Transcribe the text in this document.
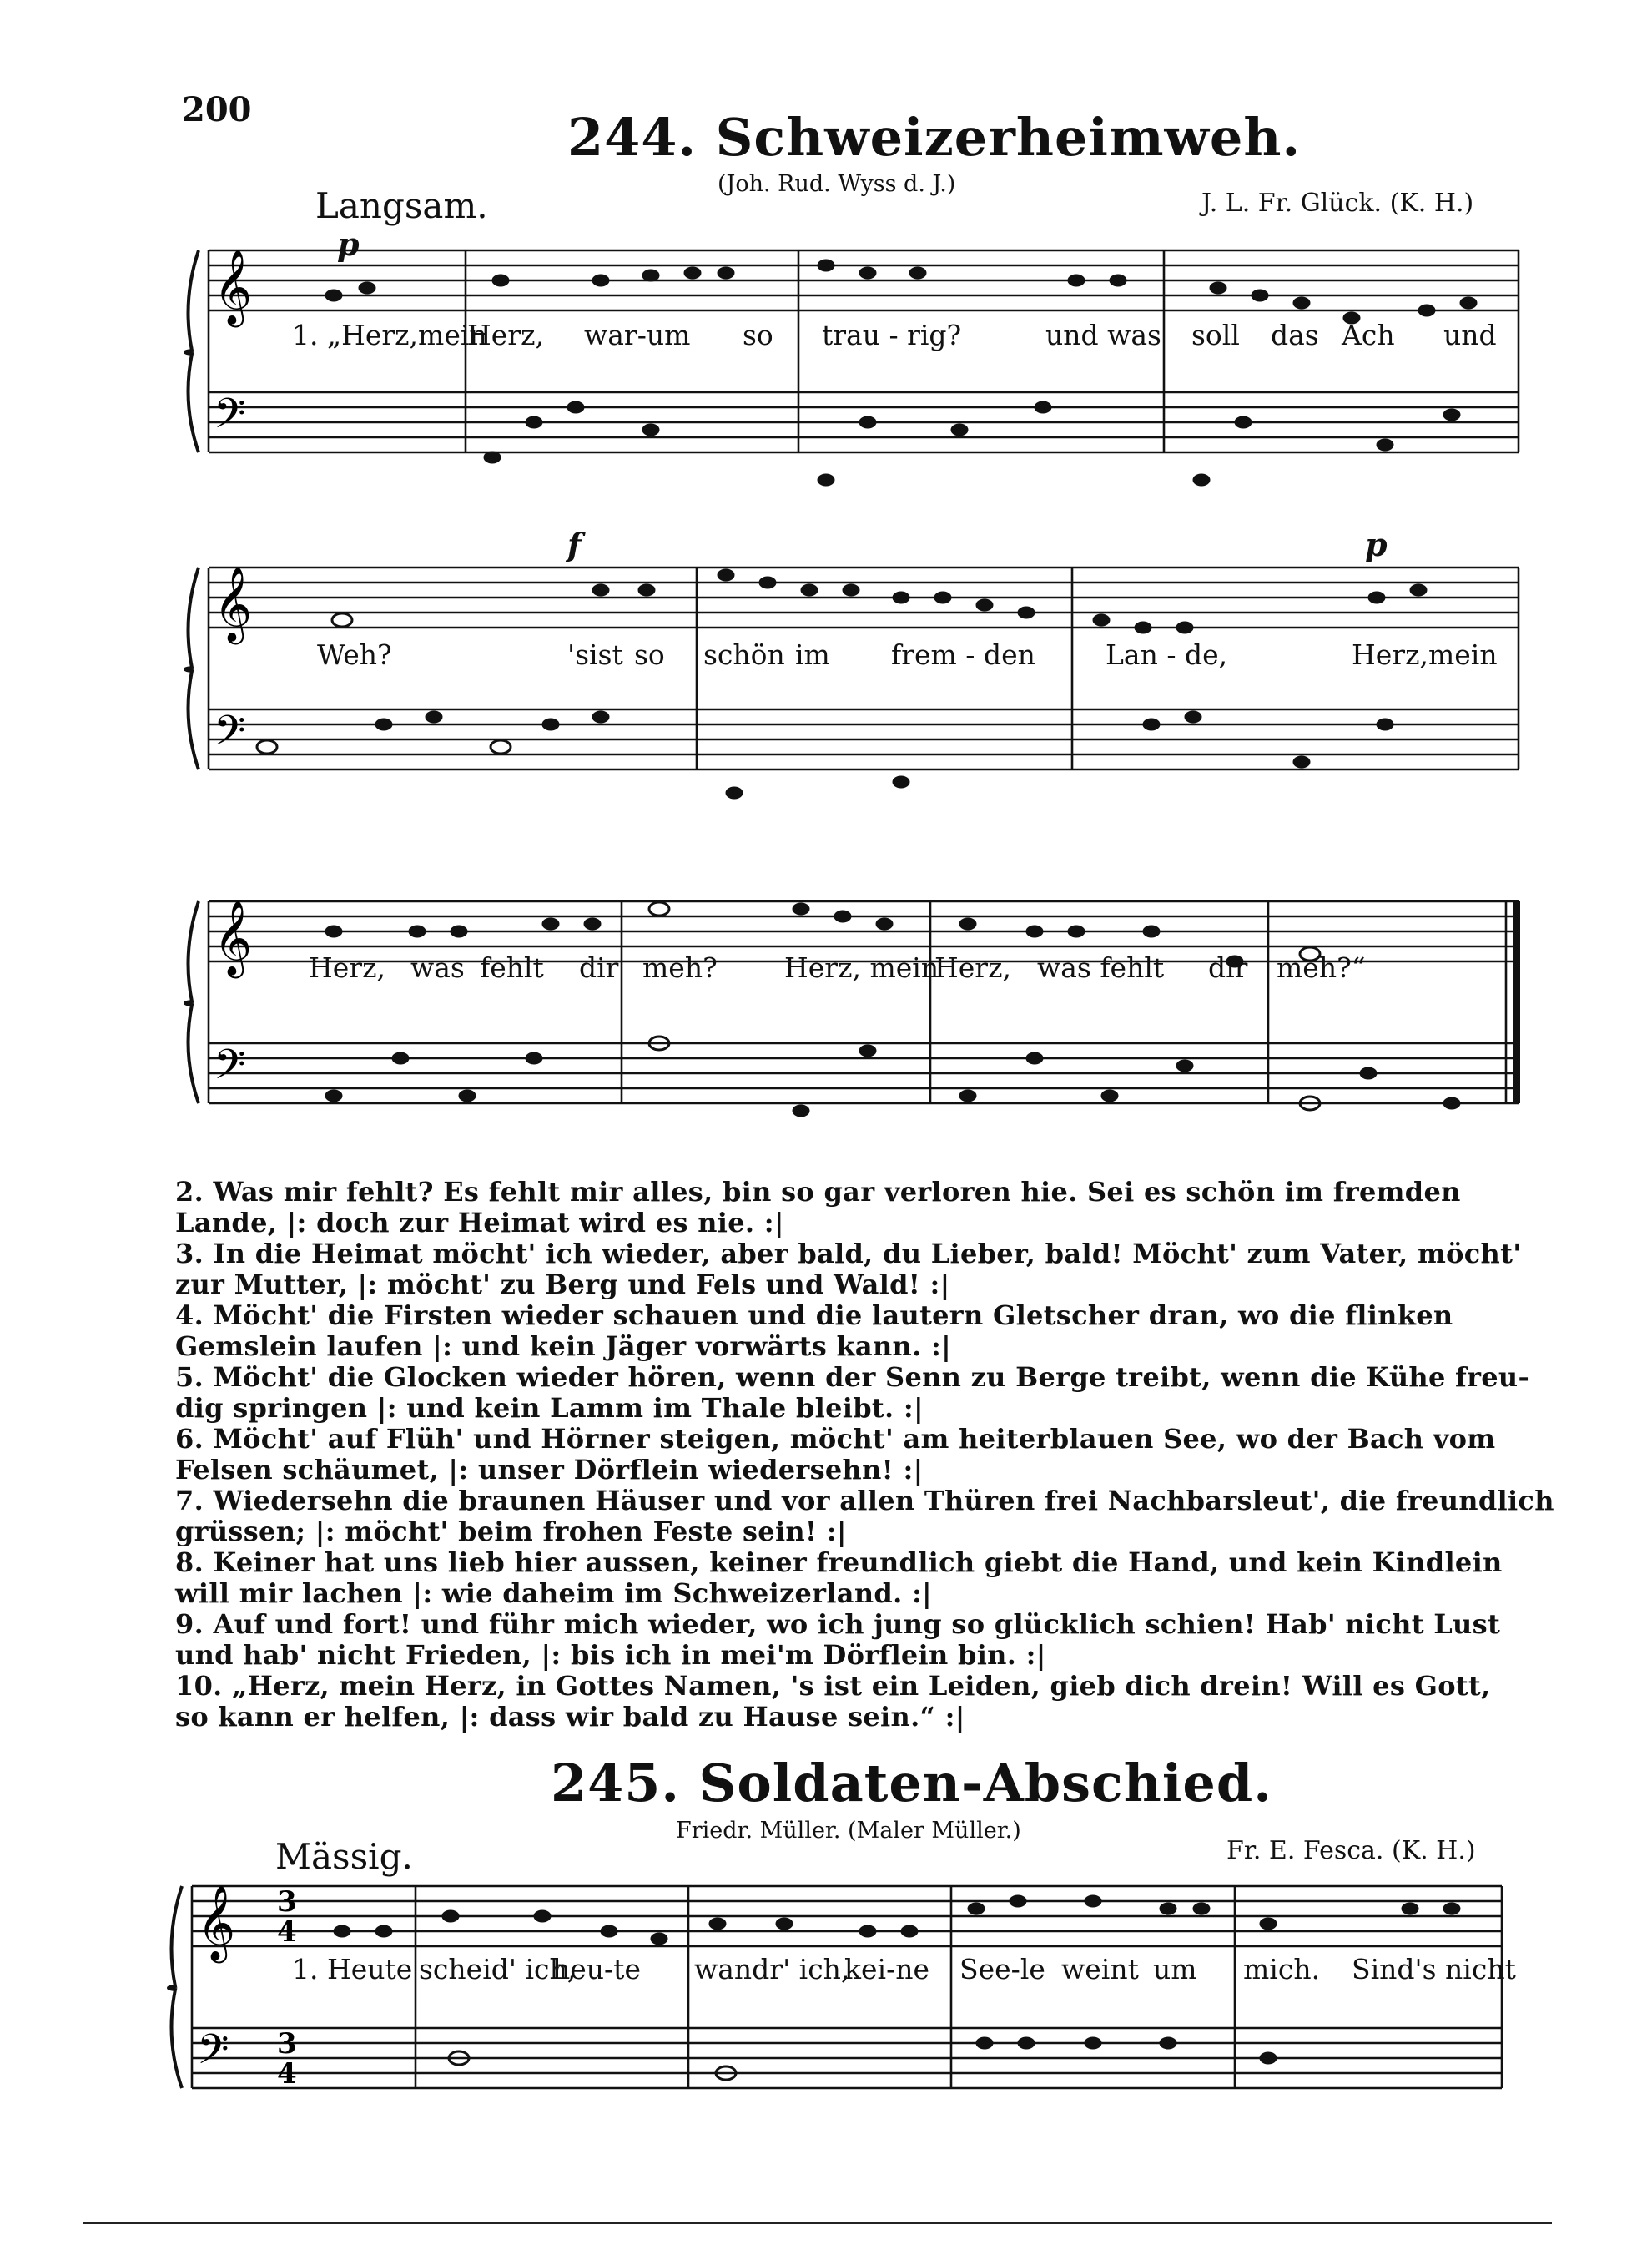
200	244. Schweizerheimweh.
(Joh. Rud. Wyss d. J.)
Langsam.	J. L. Fr. Glück. (K. H.)
p
f	p
𝄞
𝄢
1. „Herz,mein
Herz, war-um so trau - rig?	und was soll das Ach und
𝄞
𝄢
Weh?	'sist so schön im frem - den	Lan - de,	Herz,mein
𝄞
𝄢
Herz, was fehlt dir meh? Herz, mein
Herz, was fehlt dir meh?“

2. Was mir fehlt? Es fehlt mir alles, bin so gar verloren hie. Sei es schön im fremden

Lande, |: doch zur Heimat wird es nie. :|

3. In die Heimat möcht' ich wieder, aber bald, du Lieber, bald! Möcht' zum Vater, möcht'

zur Mutter, |: möcht' zu Berg und Fels und Wald! :|

4. Möcht' die Firsten wieder schauen und die lautern Gletscher dran, wo die flinken

Gemslein laufen |: und kein Jäger vorwärts kann. :|

5. Möcht' die Glocken wieder hören, wenn der Senn zu Berge treibt, wenn die Kühe freu-

dig springen |: und kein Lamm im Thale bleibt. :|

6. Möcht' auf Flüh' und Hörner steigen, möcht' am heiterblauen See, wo der Bach vom

Felsen schäumet, |: unser Dörflein wiedersehn! :|

7. Wiedersehn die braunen Häuser und vor allen Thüren frei Nachbarsleut', die freundlich

grüssen; |: möcht' beim frohen Feste sein! :|

8. Keiner hat uns lieb hier aussen, keiner freundlich giebt die Hand, und kein Kindlein

will mir lachen |: wie daheim im Schweizerland. :|

9. Auf und fort! und führ mich wieder, wo ich jung so glücklich schien! Hab' nicht Lust

und hab' nicht Frieden, |: bis ich in mei'm Dörflein bin. :|

10. „Herz, mein Herz, in Gottes Namen, 's ist ein Leiden, gieb dich drein! Will es Gott,

so kann er helfen, |: dass wir bald zu Hause sein.“ :|

245. Soldaten-Abschied.
Friedr. Müller. (Maler Müller.)
Mässig.	Fr. E. Fesca. (K. H.)
𝄞
𝄢
3
4
3
4
1. Heute scheid' ich,
heu-te wandr' ich,
kei-ne See-le weint um mich. Sind's nicht
